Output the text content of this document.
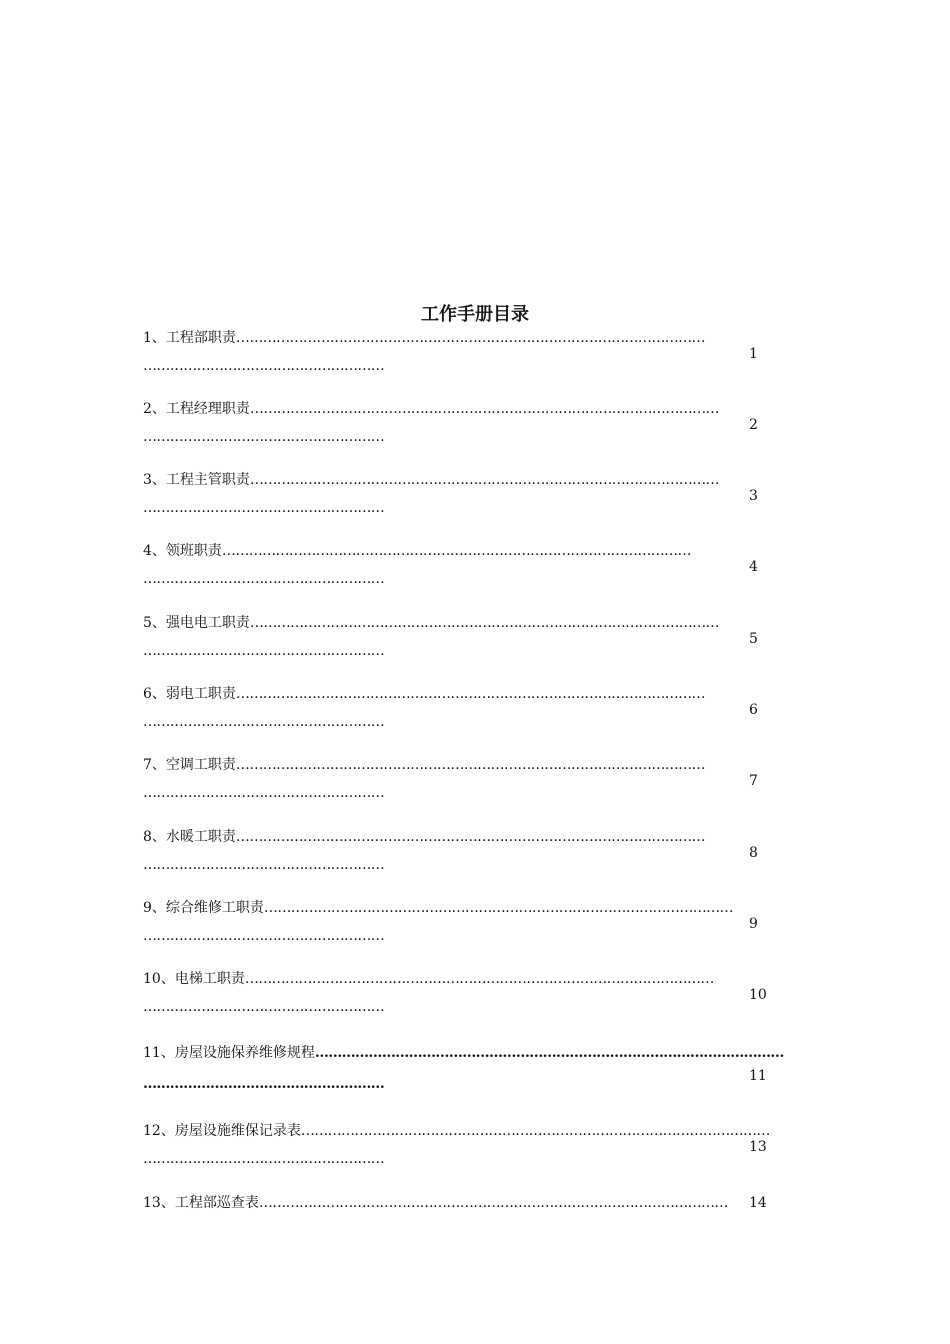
工作手册目录
1、工程部职责……………………………………………………………………………………………
………………………………………………
1
2、工程经理职责……………………………………………………………………………………………
………………………………………………
2
3、工程主管职责……………………………………………………………………………………………
………………………………………………
3
4、领班职责……………………………………………………………………………………………
………………………………………………
4
5、强电电工职责……………………………………………………………………………………………
………………………………………………
5
6、弱电工职责……………………………………………………………………………………………
………………………………………………
6
7、空调工职责……………………………………………………………………………………………
………………………………………………
7
8、水暖工职责……………………………………………………………………………………………
………………………………………………
8
9、综合维修工职责……………………………………………………………………………………………
………………………………………………
9
10、电梯工职责……………………………………………………………………………………………
………………………………………………
10
11、房屋设施保养维修规程……………………………………………………………………………………………
………………………………………………	11
12、房屋设施维保记录表……………………………………………………………………………………………
………………………………………………
13
13、工程部巡查表…………………………………………………………………………………………… 14
